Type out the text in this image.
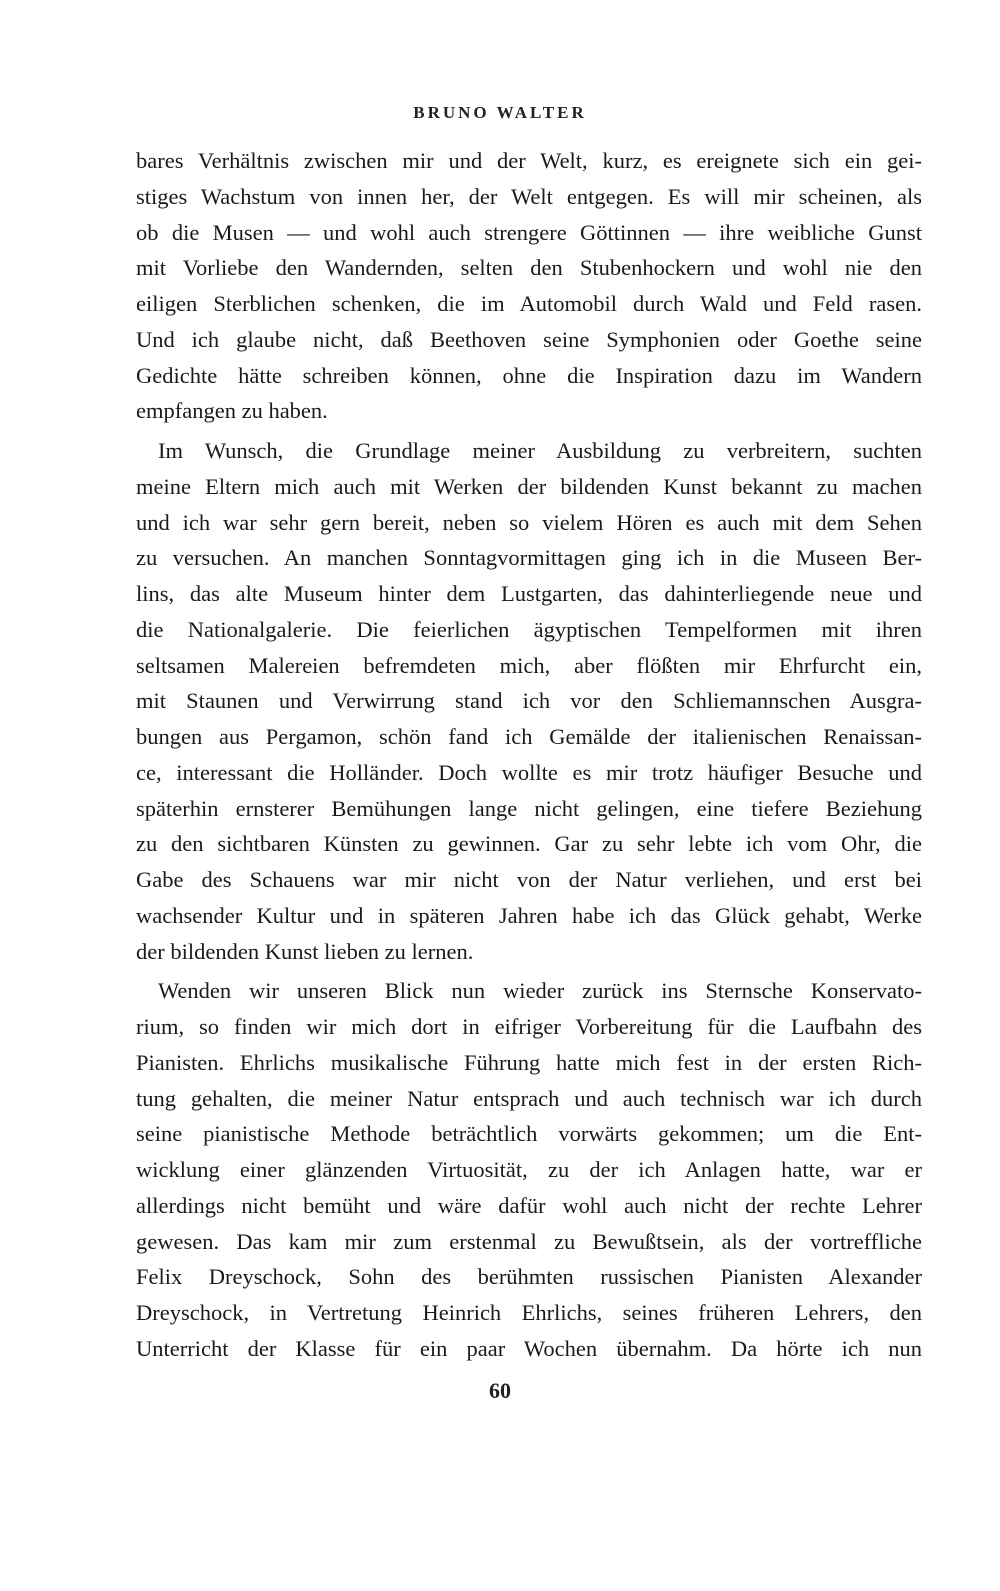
BRUNO WALTER
bares Verhältnis zwischen mir und der Welt, kurz, es ereignete sich ein gei-
stiges Wachstum von innen her, der Welt entgegen. Es will mir scheinen, als
ob die Musen — und wohl auch strengere Göttinnen — ihre weibliche Gunst
mit Vorliebe den Wandernden, selten den Stubenhockern und wohl nie den
eiligen Sterblichen schenken, die im Automobil durch Wald und Feld rasen.
Und ich glaube nicht, daß Beethoven seine Symphonien oder Goethe seine
Gedichte hätte schreiben können, ohne die Inspiration dazu im Wandern
empfangen zu haben.
Im Wunsch, die Grundlage meiner Ausbildung zu verbreitern, suchten
meine Eltern mich auch mit Werken der bildenden Kunst bekannt zu machen
und ich war sehr gern bereit, neben so vielem Hören es auch mit dem Sehen
zu versuchen. An manchen Sonntagvormittagen ging ich in die Museen Ber-
lins, das alte Museum hinter dem Lustgarten, das dahinterliegende neue und
die Nationalgalerie. Die feierlichen ägyptischen Tempelformen mit ihren
seltsamen Malereien befremdeten mich, aber flößten mir Ehrfurcht ein,
mit Staunen und Verwirrung stand ich vor den Schliemannschen Ausgra-
bungen aus Pergamon, schön fand ich Gemälde der italienischen Renaissan-
ce, interessant die Holländer. Doch wollte es mir trotz häufiger Besuche und
späterhin ernsterer Bemühungen lange nicht gelingen, eine tiefere Beziehung
zu den sichtbaren Künsten zu gewinnen. Gar zu sehr lebte ich vom Ohr, die
Gabe des Schauens war mir nicht von der Natur verliehen, und erst bei
wachsender Kultur und in späteren Jahren habe ich das Glück gehabt, Werke
der bildenden Kunst lieben zu lernen.
Wenden wir unseren Blick nun wieder zurück ins Sternsche Konservato-
rium, so finden wir mich dort in eifriger Vorbereitung für die Laufbahn des
Pianisten. Ehrlichs musikalische Führung hatte mich fest in der ersten Rich-
tung gehalten, die meiner Natur entsprach und auch technisch war ich durch
seine pianistische Methode beträchtlich vorwärts gekommen; um die Ent-
wicklung einer glänzenden Virtuosität, zu der ich Anlagen hatte, war er
allerdings nicht bemüht und wäre dafür wohl auch nicht der rechte Lehrer
gewesen. Das kam mir zum erstenmal zu Bewußtsein, als der vortreffliche
Felix Dreyschock, Sohn des berühmten russischen Pianisten Alexander
Dreyschock, in Vertretung Heinrich Ehrlichs, seines früheren Lehrers, den
Unterricht der Klasse für ein paar Wochen übernahm. Da hörte ich nun
60
